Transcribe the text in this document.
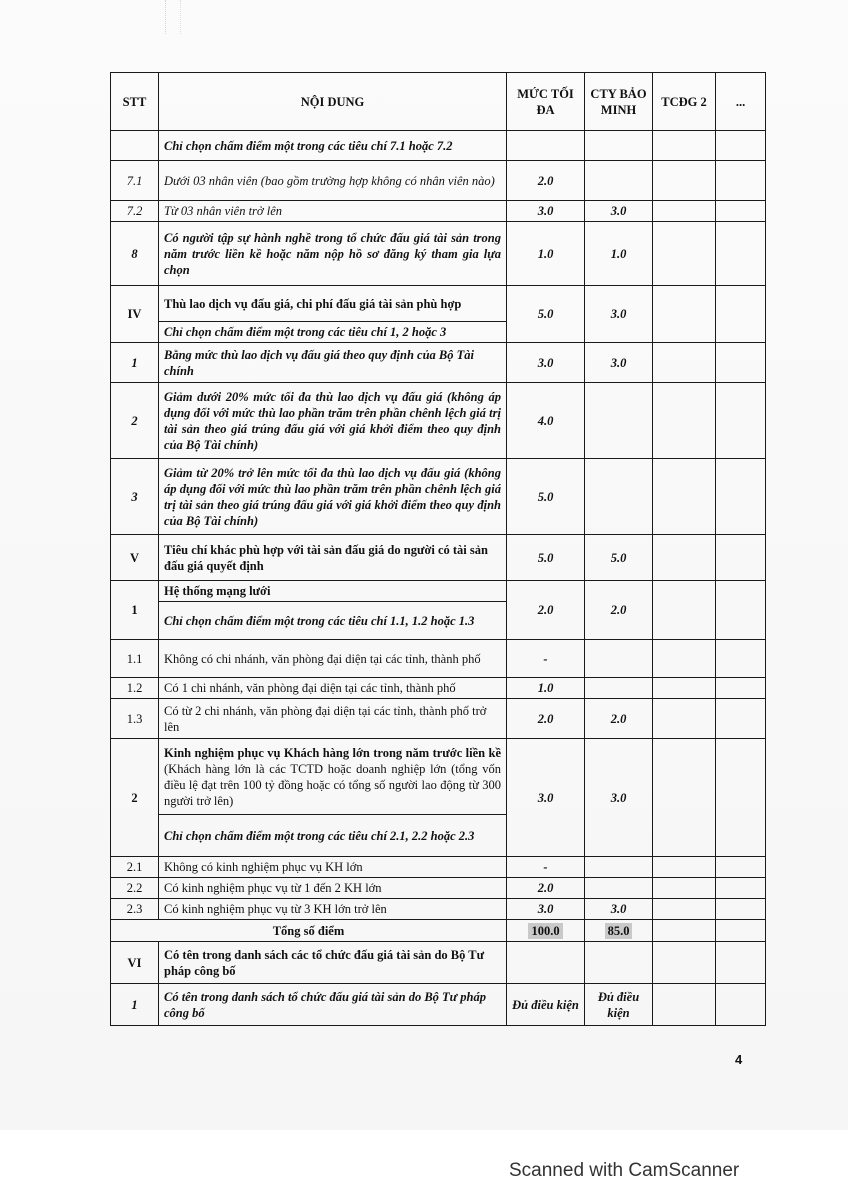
STT	NỘI DUNG	MỨC TỐI ĐA	CTY BẢO MINH	TCĐG 2	...
	Chỉ chọn chấm điểm một trong các tiêu chí 7.1 hoặc 7.2				
7.1	Dưới 03 nhân viên (bao gồm trường hợp không có nhân viên nào)	2.0			
7.2	Từ 03 nhân viên trở lên	3.0	3.0		
8	Có người tập sự hành nghề trong tổ chức đấu giá tài sản trong năm trước liền kề hoặc năm nộp hồ sơ đăng ký tham gia lựa chọn	1.0	1.0		
IV	Thù lao dịch vụ đấu giá, chi phí đấu giá tài sản phù hợp	5.0	3.0		
	Chỉ chọn chấm điểm một trong các tiêu chí 1, 2 hoặc 3				
1	Bằng mức thù lao dịch vụ đấu giá theo quy định của Bộ Tài chính	3.0	3.0		
2	Giảm dưới 20% mức tối đa thù lao dịch vụ đấu giá (không áp dụng đối với mức thù lao phần trăm trên phần chênh lệch giá trị tài sản theo giá trúng đấu giá với giá khởi điểm theo quy định của Bộ Tài chính)	4.0			
3	Giảm từ 20% trở lên mức tối đa thù lao dịch vụ đấu giá (không áp dụng đối với mức thù lao phần trăm trên phần chênh lệch giá trị tài sản theo giá trúng đấu giá với giá khởi điểm theo quy định của Bộ Tài chính)	5.0			
V	Tiêu chí khác phù hợp với tài sản đấu giá do người có tài sản đấu giá quyết định	5.0	5.0		
1	Hệ thống mạng lưới	2.0	2.0		
	Chỉ chọn chấm điểm một trong các tiêu chí 1.1, 1.2 hoặc 1.3				
1.1	Không có chi nhánh, văn phòng đại diện tại các tỉnh, thành phố	-			
1.2	Có 1 chi nhánh, văn phòng đại diện tại các tỉnh, thành phố	1.0			
1.3	Có từ 2 chi nhánh, văn phòng đại diện tại các tỉnh, thành phố trở lên	2.0	2.0		
2	Kinh nghiệm phục vụ Khách hàng lớn trong năm trước liền kề (Khách hàng lớn là các TCTD hoặc doanh nghiệp lớn (tổng vốn điều lệ đạt trên 100 tỷ đồng hoặc có tổng số người lao động từ 300 người trở lên)	3.0	3.0		
	Chỉ chọn chấm điểm một trong các tiêu chí 2.1, 2.2 hoặc 2.3				
2.1	Không có kinh nghiệm phục vụ KH lớn	-			
2.2	Có kinh nghiệm phục vụ từ 1 đến 2 KH lớn	2.0			
2.3	Có kinh nghiệm phục vụ từ 3 KH lớn trở lên	3.0	3.0		
Tổng số điểm		100.0	85.0		
VI	Có tên trong danh sách các tổ chức đấu giá tài sản do Bộ Tư pháp công bố				
1	Có tên trong danh sách tổ chức đấu giá tài sản do Bộ Tư pháp công bố	Đủ điều kiện	Đủ điều kiện		
4
Scanned with CamScanner
